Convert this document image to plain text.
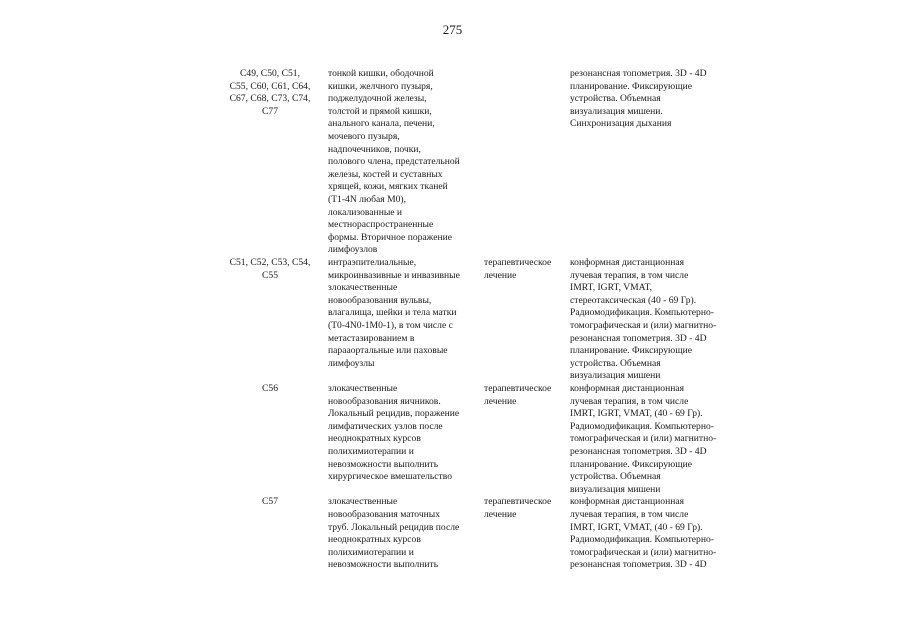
275
C49, C50, C51,
C55, C60, C61, C64,
C67, C68, C73, C74,
C77
тонкой кишки, ободочной
кишки, желчного пузыря,
поджелудочной железы,
толстой и прямой кишки,
анального канала, печени,
мочевого пузыря,
надпочечников, почки,
полового члена, предстательной
железы, костей и суставных
хрящей, кожи, мягких тканей
(T1-4N любая M0),
локализованные и
местнораспространенные
формы. Вторичное поражение
лимфоузлов
резонансная топометрия. 3D - 4D
планирование. Фиксирующие
устройства. Объемная
визуализация мишени.
Синхронизация дыхания
C51, C52, C53, C54,
C55
интраэпителиальные,
микроинвазивные и инвазивные
злокачественные
новообразования вульвы,
влагалища, шейки и тела матки
(T0-4N0-1M0-1), в том числе с
метастазированием в
парааортальные или паховые
лимфоузлы
терапевтическое
лечение
конформная дистанционная
лучевая терапия, в том числе
IMRT, IGRT, VMAT,
стереотаксическая (40 - 69 Гр).
Радиомодификация. Компьютерно-
томографическая и (или) магнитно-
резонансная топометрия. 3D - 4D
планирование. Фиксирующие
устройства. Объемная
визуализация мишени
C56	злокачественные
новообразования яичников.
Локальный рецидив, поражение
лимфатических узлов после
неоднократных курсов
полихимиотерапии и
невозможности выполнить
хирургическое вмешательство
терапевтическое
лечение
конформная дистанционная
лучевая терапия, в том числе
IMRT, IGRT, VMAT, (40 - 69 Гр).
Радиомодификация. Компьютерно-
томографическая и (или) магнитно-
резонансная топометрия. 3D - 4D
планирование. Фиксирующие
устройства. Объемная
визуализация мишени
C57	злокачественные
новообразования маточных
труб. Локальный рецидив после
неоднократных курсов
полихимиотерапии и
невозможности выполнить
терапевтическое
лечение
конформная дистанционная
лучевая терапия, в том числе
IMRT, IGRT, VMAT, (40 - 69 Гр).
Радиомодификация. Компьютерно-
томографическая и (или) магнитно-
резонансная топометрия. 3D - 4D
